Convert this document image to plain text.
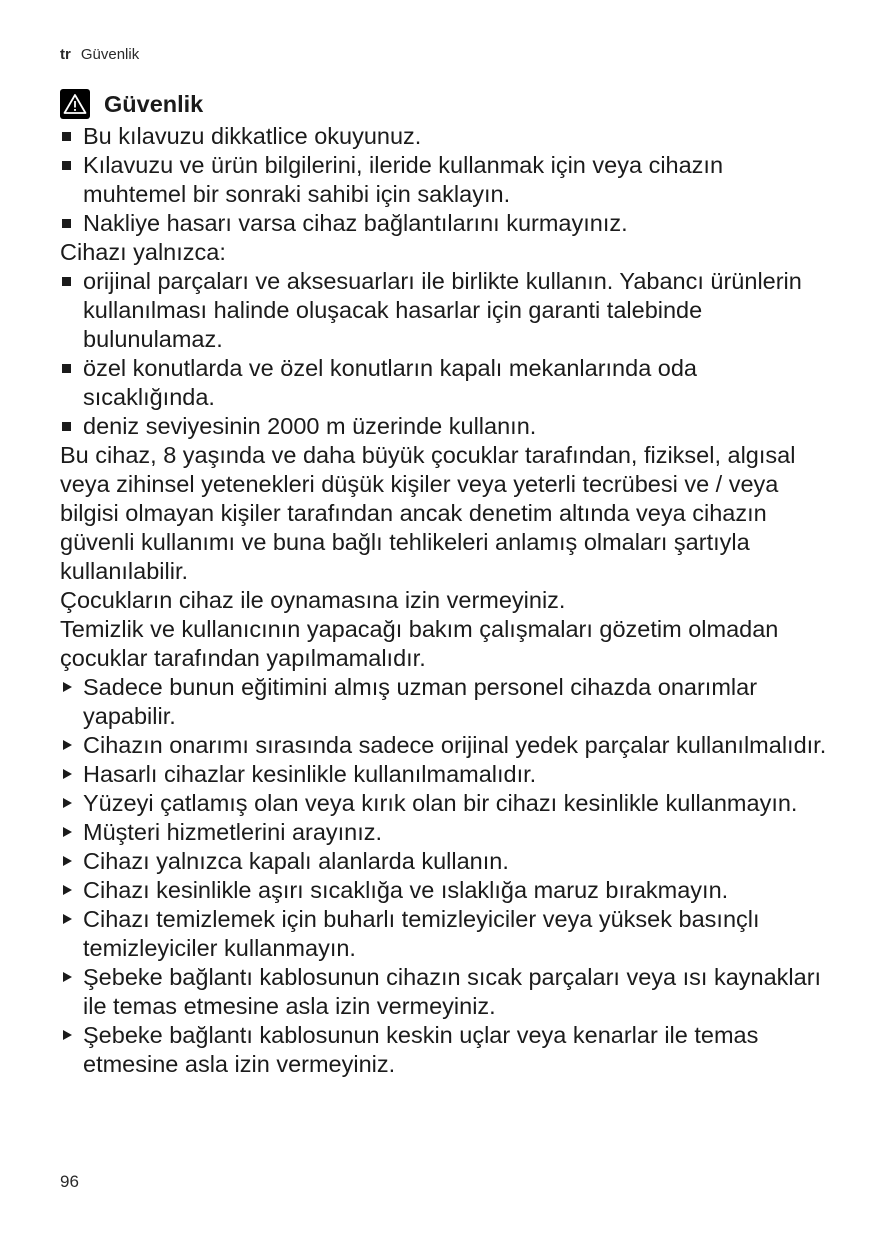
tr Güvenlik
Güvenlik
Bu kılavuzu dikkatlice okuyunuz.
Kılavuzu ve ürün bilgilerini, ileride kullanmak için veya cihazın muhtemel bir sonraki sahibi için saklayın.
Nakliye hasarı varsa cihaz bağlantılarını kurmayınız.

Cihazı yalnızca:

orijinal parçaları ve aksesuarları ile birlikte kullanın. Yabancı ürünlerin kullanılması halinde oluşacak hasarlar için garanti talebinde bulunulamaz.
özel konutlarda ve özel konutların kapalı mekanlarında oda sıcaklığında.
deniz seviyesinin 2000 m üzerinde kullanın.

Bu cihaz, 8 yaşında ve daha büyük çocuklar tarafından, fiziksel, algısal veya zihinsel yetenekleri düşük kişiler veya yeterli tecrübesi ve / veya bilgisi olmayan kişiler tarafından ancak denetim altında veya cihazın güvenli kullanımı ve buna bağlı tehlikeleri anlamış olmaları şartıyla kullanılabilir.

Çocukların cihaz ile oynamasına izin vermeyiniz.

Temizlik ve kullanıcının yapacağı bakım çalışmaları gözetim olmadan çocuklar tarafından yapılmamalıdır.

Sadece bunun eğitimini almış uzman personel cihazda onarımlar yapabilir.
Cihazın onarımı sırasında sadece orijinal yedek parçalar kullanılmalıdır.
Hasarlı cihazlar kesinlikle kullanılmamalıdır.
Yüzeyi çatlamış olan veya kırık olan bir cihazı kesinlikle kullanmayın.
Müşteri hizmetlerini arayınız.
Cihazı yalnızca kapalı alanlarda kullanın.
Cihazı kesinlikle aşırı sıcaklığa ve ıslaklığa maruz bırakmayın.
Cihazı temizlemek için buharlı temizleyiciler veya yüksek basınçlı temizleyiciler kullanmayın.
Şebeke bağlantı kablosunun cihazın sıcak parçaları veya ısı kaynakları ile temas etmesine asla izin vermeyiniz.
Şebeke bağlantı kablosunun keskin uçlar veya kenarlar ile temas etmesine asla izin vermeyiniz.
96
